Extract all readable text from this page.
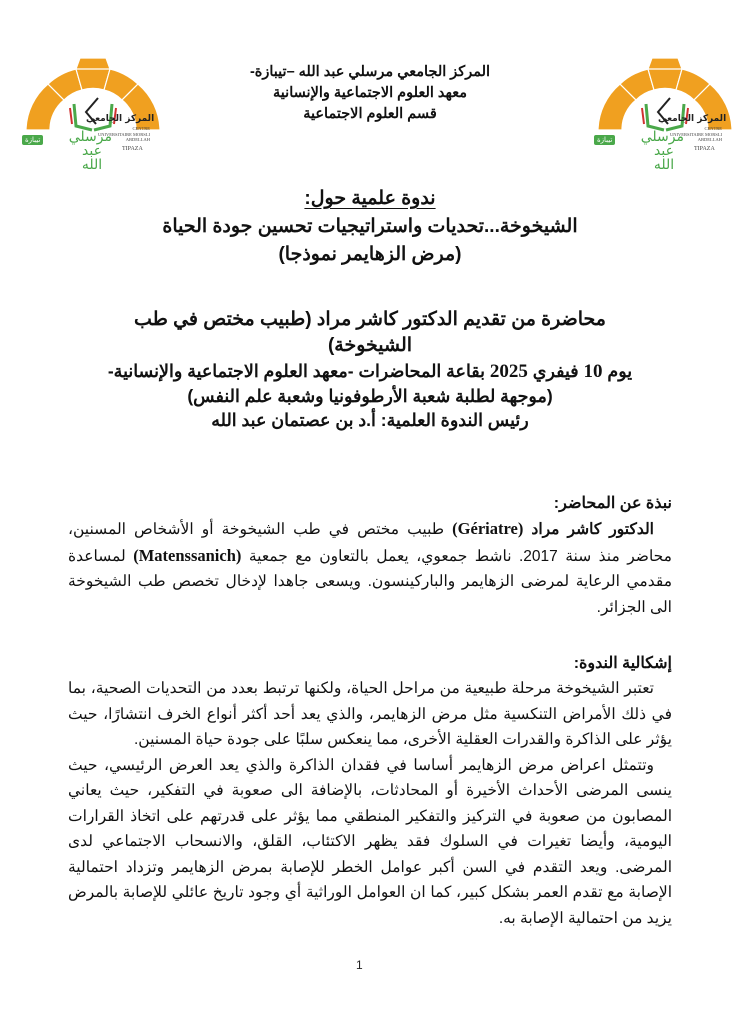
المركز الجامعي
CENTRE UNIVERSITAIRE MORSLI ABDELLAH
TIPAZA
مرسلي عبد الله
تيبازة
المركز الجامعي
CENTRE UNIVERSITAIRE MORSLI ABDELLAH
TIPAZA
مرسلي عبد الله
تيبازة
المركز الجامعي مرسلي عبد الله –تيبازة-
معهد العلوم الاجتماعية والإنسانية
قسم العلوم الاجتماعية
ندوة علمية حول:
الشيخوخة...تحديات واستراتيجيات تحسين جودة الحياة
(مرض الزهايمر نموذجا)
محاضرة من تقديم الدكتور كاشر مراد (طبيب مختص في طب الشيخوخة)
يوم 10 فيفري 2025 بقاعة المحاضرات -معهد العلوم الاجتماعية والإنسانية-
(موجهة لطلبة شعبة الأرطوفونيا وشعبة علم النفس)
رئيس الندوة العلمية: أ.د بن عصتمان عبد الله
نبذة عن المحاضر:

الدكتور كاشر مراد (Gériatre) طبيب مختص في طب الشيخوخة أو الأشخاص المسنين، محاضر منذ سنة 2017. ناشط جمعوي، يعمل بالتعاون مع جمعية (Matenssanich) لمساعدة مقدمي الرعاية لمرضى الزهايمر والباركينسون. ويسعى جاهدا لإدخال تخصص طب الشيخوخة الى الجزائر.

إشكالية الندوة:

تعتبر الشيخوخة مرحلة طبيعية من مراحل الحياة، ولكنها ترتبط بعدد من التحديات الصحية، بما في ذلك الأمراض التنكسية مثل مرض الزهايمر، والذي يعد أحد أكثر أنواع الخرف انتشارًا، حيث يؤثر على الذاكرة والقدرات العقلية الأخرى، مما ينعكس سلبًا على جودة حياة المسنين.

وتتمثل اعراض مرض الزهايمر أساسا في فقدان الذاكرة والذي يعد العرض الرئيسي، حيث ينسى المرضى الأحداث الأخيرة أو المحادثات، بالإضافة الى صعوبة في التفكير، حيث يعاني المصابون من صعوبة في التركيز والتفكير المنطقي مما يؤثر على قدرتهم على اتخاذ القرارات اليومية، وأيضا تغيرات في السلوك فقد يظهر الاكتئاب، القلق، والانسحاب الاجتماعي لدى المرضى. ويعد التقدم في السن أكبر عوامل الخطر للإصابة بمرض الزهايمر وتزداد احتمالية الإصابة مع تقدم العمر بشكل كبير، كما ان العوامل الوراثية أي وجود تاريخ عائلي للإصابة بالمرض يزيد من احتمالية الإصابة به.

1
